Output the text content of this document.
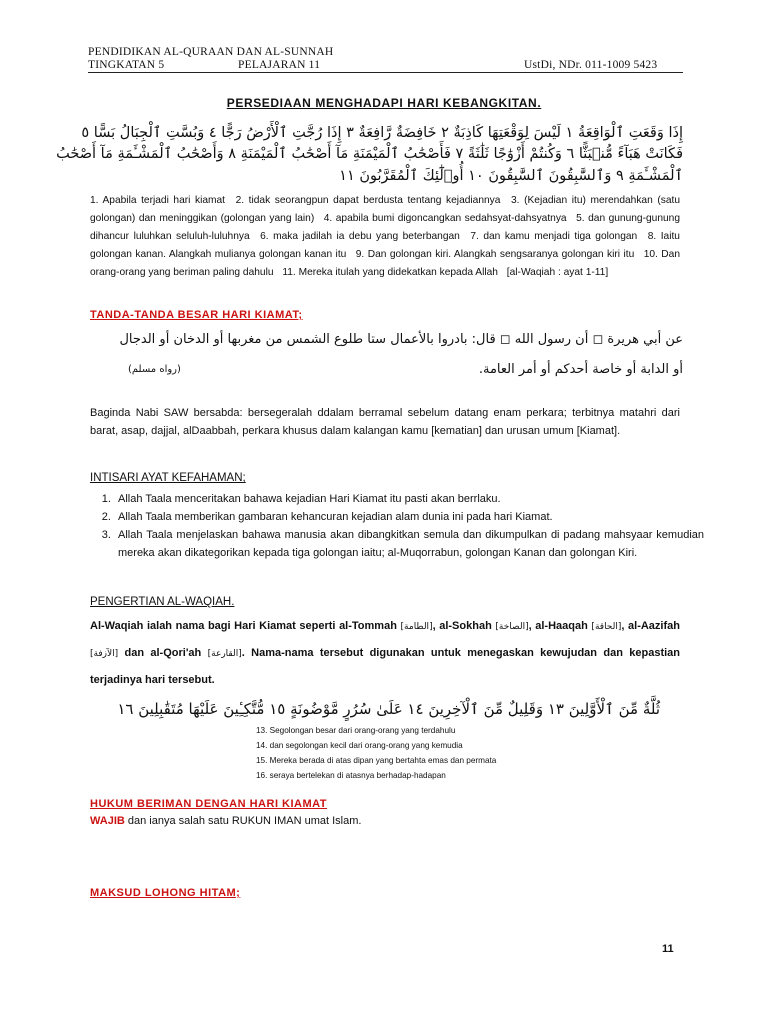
PENDIDIKAN AL-QURAAN DAN AL-SUNNAH
TINGKATAN 5	PELAJARAN 11	UstDi, NDr. 011-1009 5423
PERSEDIAAN MENGHADAPI HARI KEBANGKITAN.
إِذَا وَقَعَتِ ٱلْوَاقِعَةُ ١ لَيْسَ لِوَقْعَتِهَا كَاذِبَةٌ ٢ خَافِضَةٌ رَّافِعَةٌ ٣ إِذَا رُجَّتِ ٱلْأَرْضُ رَجًّا ٤ وَبُسَّتِ ٱلْجِبَالُ بَسًّا ٥
فَكَانَتْ هَبَآءً مُّنۢبَثًّا ٦ وَكُنتُمْ أَزْوَٰجًا ثَلَٰثَةً ٧ فَأَصْحَٰبُ ٱلْمَيْمَنَةِ مَآ أَصْحَٰبُ ٱلْمَيْمَنَةِ ٨ وَأَصْحَٰبُ ٱلْمَشْـَٔمَةِ مَآ أَصْحَٰبُ
ٱلْمَشْـَٔمَةِ ٩ وَٱلسَّٰبِقُونَ ٱلسَّٰبِقُونَ ١٠ أُو۟لَٰٓئِكَ ٱلْمُقَرَّبُونَ ١١
1. Apabila terjadi hari kiamat 2. tidak seorangpun dapat berdusta tentang kejadiannya 3. (Kejadian itu) merendahkan (satu golongan) dan meninggikan (golongan yang lain) 4. apabila bumi digoncangkan sedahsyat-dahsyatnya 5. dan gunung-gunung dihancur luluhkan seluluh-luluhnya 6. maka jadilah ia debu yang beterbangan 7. dan kamu menjadi tiga golongan 8. Iaitu golongan kanan. Alangkah mulianya golongan kanan itu 9. Dan golongan kiri. Alangkah sengsaranya golongan kiri itu 10. Dan orang-orang yang beriman paling dahulu 11. Mereka itulah yang didekatkan kepada Allah [al-Waqiah : ayat 1-11]
TANDA-TANDA BESAR HARI KIAMAT;
عن أبي هريرة ◻ أن رسول الله ◻ قال: بادروا بالأعمال ستا طلوع الشمس من مغربها أو الدخان أو الدجال
أو الدابة أو خاصة أحدكم أو أمر العامة.
(رواه مسلم)
Baginda Nabi SAW bersabda: bersegeralah ddalam berramal sebelum datang enam perkara; terbitnya matahri dari barat, asap, dajjal, alDaabbah, perkara khusus dalam kalangan kamu [kematian] dan urusan umum [Kiamat].
INTISARI AYAT KEFAHAMAN;
1. Allah Taala menceritakan bahawa kejadian Hari Kiamat itu pasti akan berrlaku.
2. Allah Taala memberikan gambaran kehancuran kejadian alam dunia ini pada hari Kiamat.
3. Allah Taala menjelaskan bahawa manusia akan dibangkitkan semula dan dikumpulkan di padang mahsyaar kemudian mereka akan dikategorikan kepada tiga golongan iaitu; al-Muqorrabun, golongan Kanan dan golongan Kiri.
PENGERTIAN AL-WAQIAH.
Al-Waqiah ialah nama bagi Hari Kiamat seperti al-Tommah [الطامة], al-Sokhah [الصاخة], al-Haaqah [الحاقة], al-Aazifah [الآزفة] dan al-Qori'ah [القارعة]. Nama-nama tersebut digunakan untuk menegaskan kewujudan dan kepastian terjadinya hari tersebut.
ثُلَّةٌ مِّنَ ٱلْأَوَّلِينَ ١٣ وَقَلِيلٌ مِّنَ ٱلْآخِرِينَ ١٤ عَلَىٰ سُرُرٍ مَّوْضُونَةٍ ١٥ مُّتَّكِـِٔينَ عَلَيْهَا مُتَقَٰبِلِينَ ١٦
13. Segolongan besar dari orang-orang yang terdahulu
14. dan segolongan kecil dari orang-orang yang kemudia
15. Mereka berada di atas dipan yang bertahta emas dan permata
16. seraya bertelekan di atasnya berhadap-hadapan
HUKUM BERIMAN DENGAN HARI KIAMAT
WAJIB dan ianya salah satu RUKUN IMAN umat Islam.
MAKSUD LOHONG HITAM;
11
